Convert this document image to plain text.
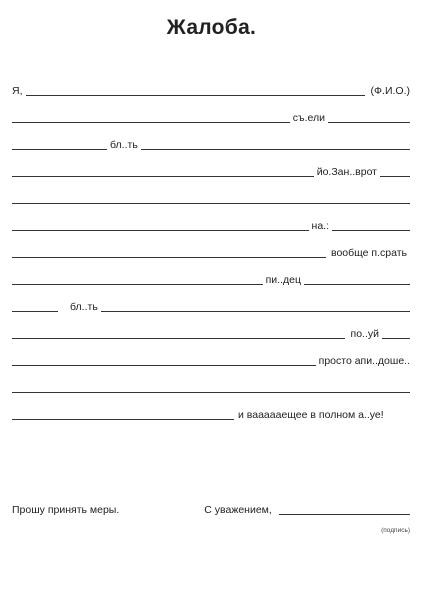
Жалоба.
Я,	(Ф.И.О.)
съ.ели
бл..ть
йо.Зан..врот
на.:
вообще п.срать
пи..дец
бл..ть
по..уй
просто апи..доше..
и ваааааещее в полном а..уе!
Прошу принять меры.	С уважением,
(подпись)
